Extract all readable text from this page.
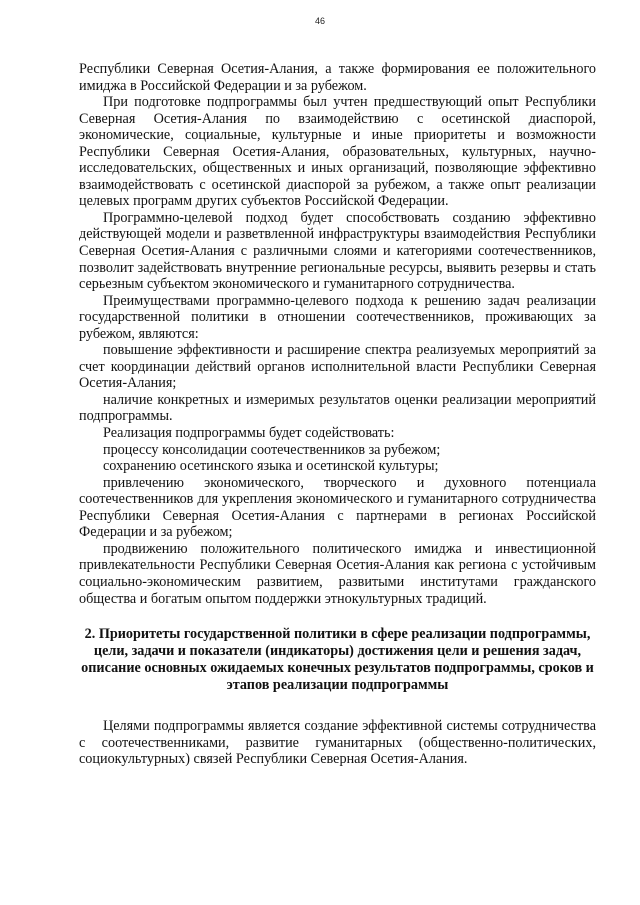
46

Республики Северная Осетия-Алания, а также формирования ее положительного имиджа в Российской Федерации и за рубежом.

При подготовке подпрограммы был учтен предшествующий опыт Республики Северная Осетия-Алания по взаимодействию с осетинской диаспорой, экономические, социальные, культурные и иные приоритеты и возможности Республики Северная Осетия-Алания, образовательных, культурных, научно-исследовательских, общественных и иных организаций, позволяющие эффективно взаимодействовать с осетинской диаспорой за рубежом, а также опыт реализации целевых программ других субъектов Российской Федерации.

Программно-целевой подход будет способствовать созданию эффективно действующей модели и разветвленной инфраструктуры взаимодействия Республики Северная Осетия-Алания с различными слоями и категориями соотечественников, позволит задействовать внутренние региональные ресурсы, выявить резервы и стать серьезным субъектом экономического и гуманитарного сотрудничества.

Преимуществами программно-целевого подхода к решению задач реализации государственной политики в отношении соотечественников, проживающих за рубежом, являются:

повышение эффективности и расширение спектра реализуемых мероприятий за счет координации действий органов исполнительной власти Республики Северная Осетия-Алания;

наличие конкретных и измеримых результатов оценки реализации мероприятий подпрограммы.

Реализация подпрограммы будет содействовать:

процессу консолидации соотечественников за рубежом;

сохранению осетинского языка и осетинской культуры;

привлечению экономического, творческого и духовного потенциала соотечественников для укрепления экономического и гуманитарного сотрудничества Республики Северная Осетия-Алания с партнерами в регионах Российской Федерации и за рубежом;

продвижению положительного политического имиджа и инвестиционной привлекательности Республики Северная Осетия-Алания как региона с устойчивым социально-экономическим развитием, развитыми институтами гражданского общества и богатым опытом поддержки этнокультурных традиций.

2. Приоритеты государственной политики в сфере реализации подпрограммы, цели, задачи и показатели (индикаторы) достижения цели и решения задач, описание основных ожидаемых конечных результатов подпрограммы, сроков и этапов реализации подпрограммы

Целями подпрограммы является создание эффективной системы сотрудничества с соотечественниками, развитие гуманитарных (общественно-политических, социокультурных) связей Республики Северная Осетия-Алания.
